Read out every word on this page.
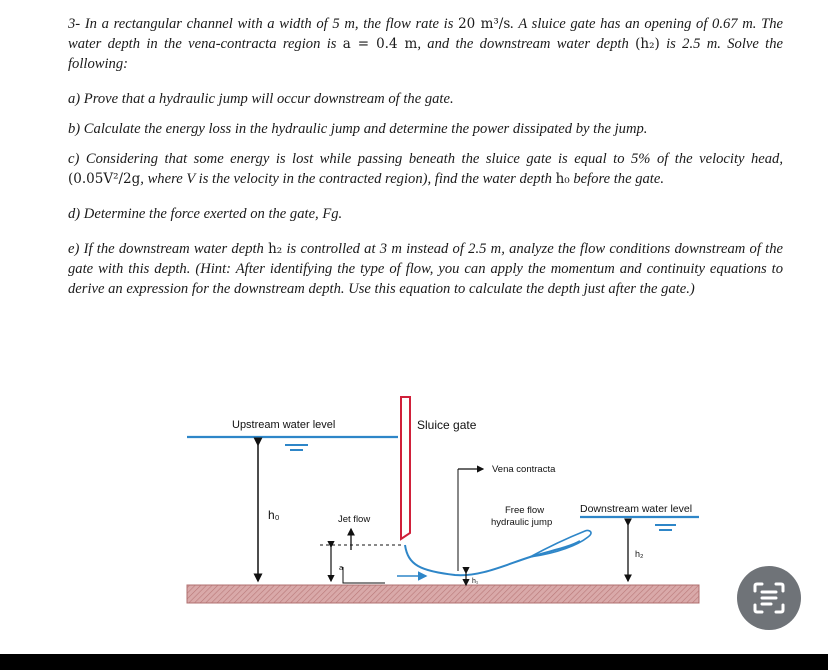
3- In a rectangular channel with a width of 5 m, the flow rate is 20 m³/s. A sluice gate has an opening of 0.67 m. The water depth in the vena-contracta region is a = 0.4 m, and the downstream water depth (h₂) is 2.5 m. Solve the following:

a) Prove that a hydraulic jump will occur downstream of the gate.

b) Calculate the energy loss in the hydraulic jump and determine the power dissipated by the jump.

c) Considering that some energy is lost while passing beneath the sluice gate is equal to 5% of the velocity head, (0.05V²/2g, where V is the velocity in the contracted region), find the water depth h₀ before the gate.

d) Determine the force exerted on the gate, Fg.

e) If the downstream water depth h₂ is controlled at 3 m instead of 2.5 m, analyze the flow conditions downstream of the gate with this depth. (Hint: After identifying the type of flow, you can apply the momentum and continuity equations to derive an expression for the downstream depth. Use this equation to calculate the depth just after the gate.)

Upstream water level
h₀
Sluice gate
Downstream water level
h₂
Vena contracta
Jet flow
a
h₁
Free flow
hydraulic jump
